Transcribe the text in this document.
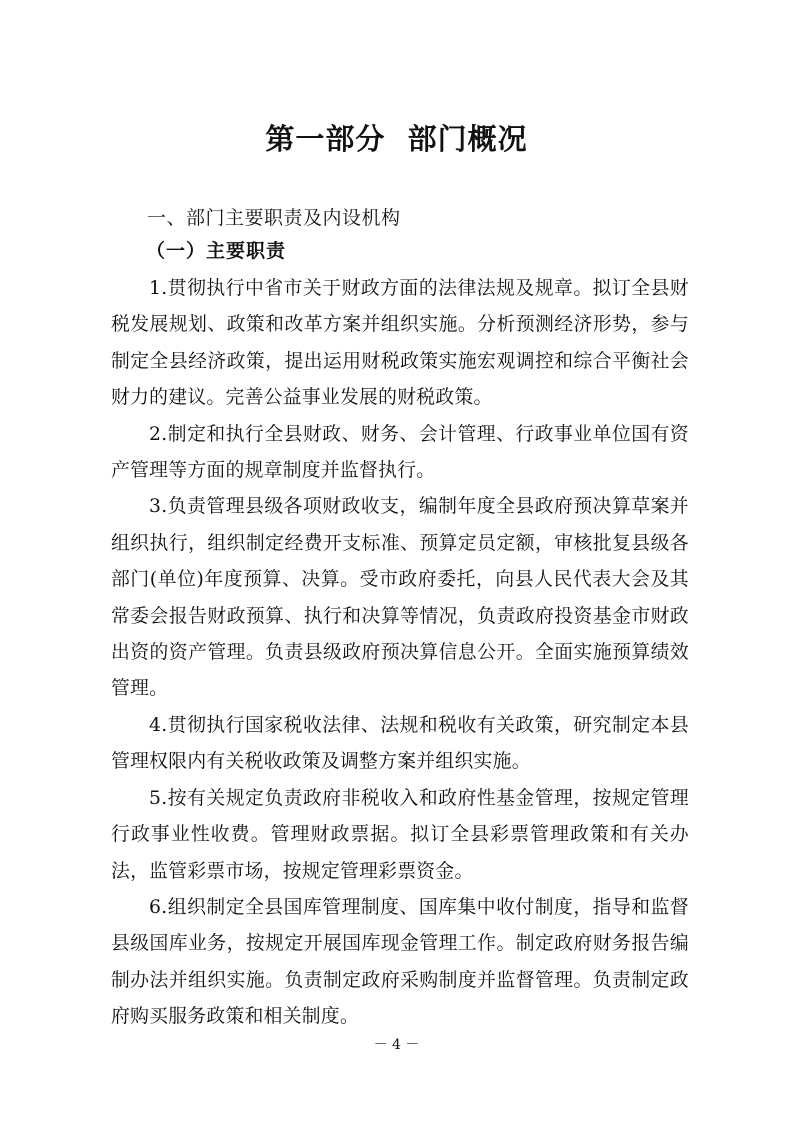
第一部分  部门概况
一、部门主要职责及内设机构
（一）主要职责

1.贯彻执行中省市关于财政方面的法律法规及规章。拟订全县财税发展规划、政策和改革方案并组织实施。分析预测经济形势，参与制定全县经济政策，提出运用财税政策实施宏观调控和综合平衡社会财力的建议。完善公益事业发展的财税政策。

2.制定和执行全县财政、财务、会计管理、行政事业单位国有资产管理等方面的规章制度并监督执行。

3.负责管理县级各项财政收支，编制年度全县政府预决算草案并组织执行，组织制定经费开支标准、预算定员定额，审核批复县级各部门(单位)年度预算、决算。受市政府委托，向县人民代表大会及其常委会报告财政预算、执行和决算等情况，负责政府投资基金市财政出资的资产管理。负责县级政府预决算信息公开。全面实施预算绩效管理。

4.贯彻执行国家税收法律、法规和税收有关政策，研究制定本县管理权限内有关税收政策及调整方案并组织实施。

5.按有关规定负责政府非税收入和政府性基金管理，按规定管理行政事业性收费。管理财政票据。拟订全县彩票管理政策和有关办法，监管彩票市场，按规定管理彩票资金。

6.组织制定全县国库管理制度、国库集中收付制度，指导和监督县级国库业务，按规定开展国库现金管理工作。制定政府财务报告编制办法并组织实施。负责制定政府采购制度并监督管理。负责制定政府购买服务政策和相关制度。

－ 4 －
